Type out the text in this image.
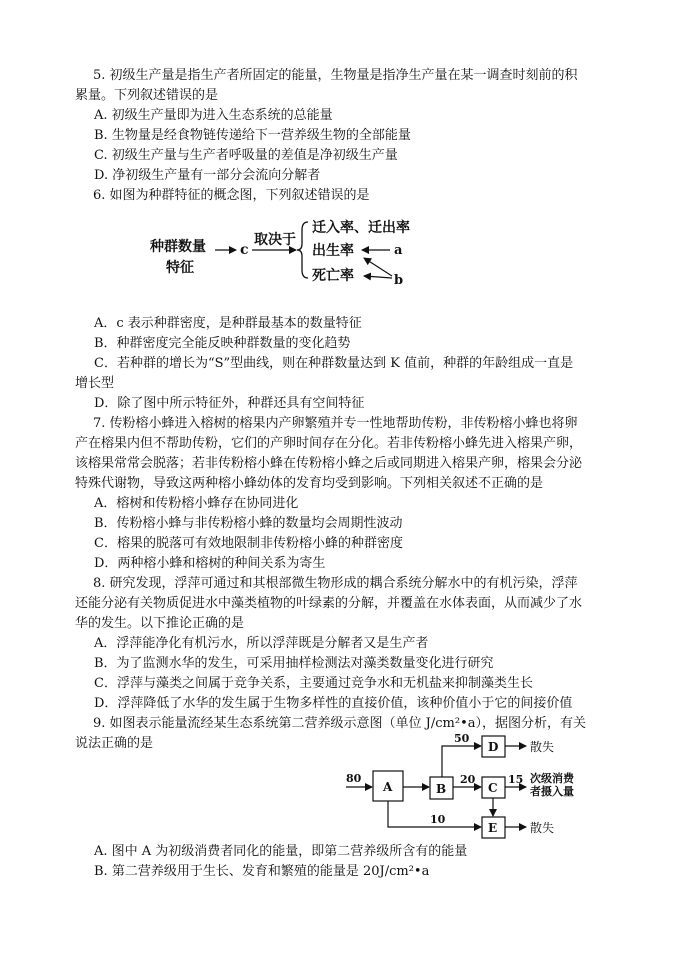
5. 初级生产量是指生产者所固定的能量，生物量是指净生产量在某一调查时刻前的积
累量。下列叙述错误的是
A. 初级生产量即为进入生态系统的总能量
B. 生物量是经食物链传递给下一营养级生物的全部能量
C. 初级生产量与生产者呼吸量的差值是净初级生产量
D. 净初级生产量有一部分会流向分解者
6. 如图为种群特征的概念图，下列叙述错误的是
种群数量
特征
c
取决于
迁入率、迁出率
出生率
死亡率
a
b
A．c 表示种群密度，是种群最基本的数量特征
B．种群密度完全能反映种群数量的变化趋势
C．若种群的增长为“S”型曲线，则在种群数量达到 K 值前，种群的年龄组成一直是
增长型
D．除了图中所示特征外，种群还具有空间特征
7. 传粉榕小蜂进入榕树的榕果内产卵繁殖并专一性地帮助传粉，非传粉榕小蜂也将卵
产在榕果内但不帮助传粉，它们的产卵时间存在分化。若非传粉榕小蜂先进入榕果产卵，
该榕果常常会脱落；若非传粉榕小蜂在传粉榕小蜂之后或同期进入榕果产卵，榕果会分泌
特殊代谢物，导致这两种榕小蜂幼体的发育均受到影响。下列相关叙述不正确的是
A．榕树和传粉榕小蜂存在协同进化
B．传粉榕小蜂与非传粉榕小蜂的数量均会周期性波动
C．榕果的脱落可有效地限制非传粉榕小蜂的种群密度
D．两种榕小蜂和榕树的种间关系为寄生
8. 研究发现，浮萍可通过和其根部微生物形成的耦合系统分解水中的有机污染，浮萍
还能分泌有关物质促进水中藻类植物的叶绿素的分解，并覆盖在水体表面，从而减少了水
华的发生。以下推论正确的是
A．浮萍能净化有机污水，所以浮萍既是分解者又是生产者
B．为了监测水华的发生，可采用抽样检测法对藻类数量变化进行研究
C．浮萍与藻类之间属于竞争关系，主要通过竞争水和无机盐来抑制藻类生长
D．浮萍降低了水华的发生属于生物多样性的直接价值，该种价值小于它的间接价值
9. 如图表示能量流经某生态系统第二营养级示意图（单位 J/cm²•a），据图分析，有关
说法正确的是
80
A	B
50
D	散失
20
C
15 次级消费
者摄入量
10
E	散失
A. 图中 A 为初级消费者同化的能量，即第二营养级所含有的能量
B. 第二营养级用于生长、发育和繁殖的能量是 20J/cm²•a
